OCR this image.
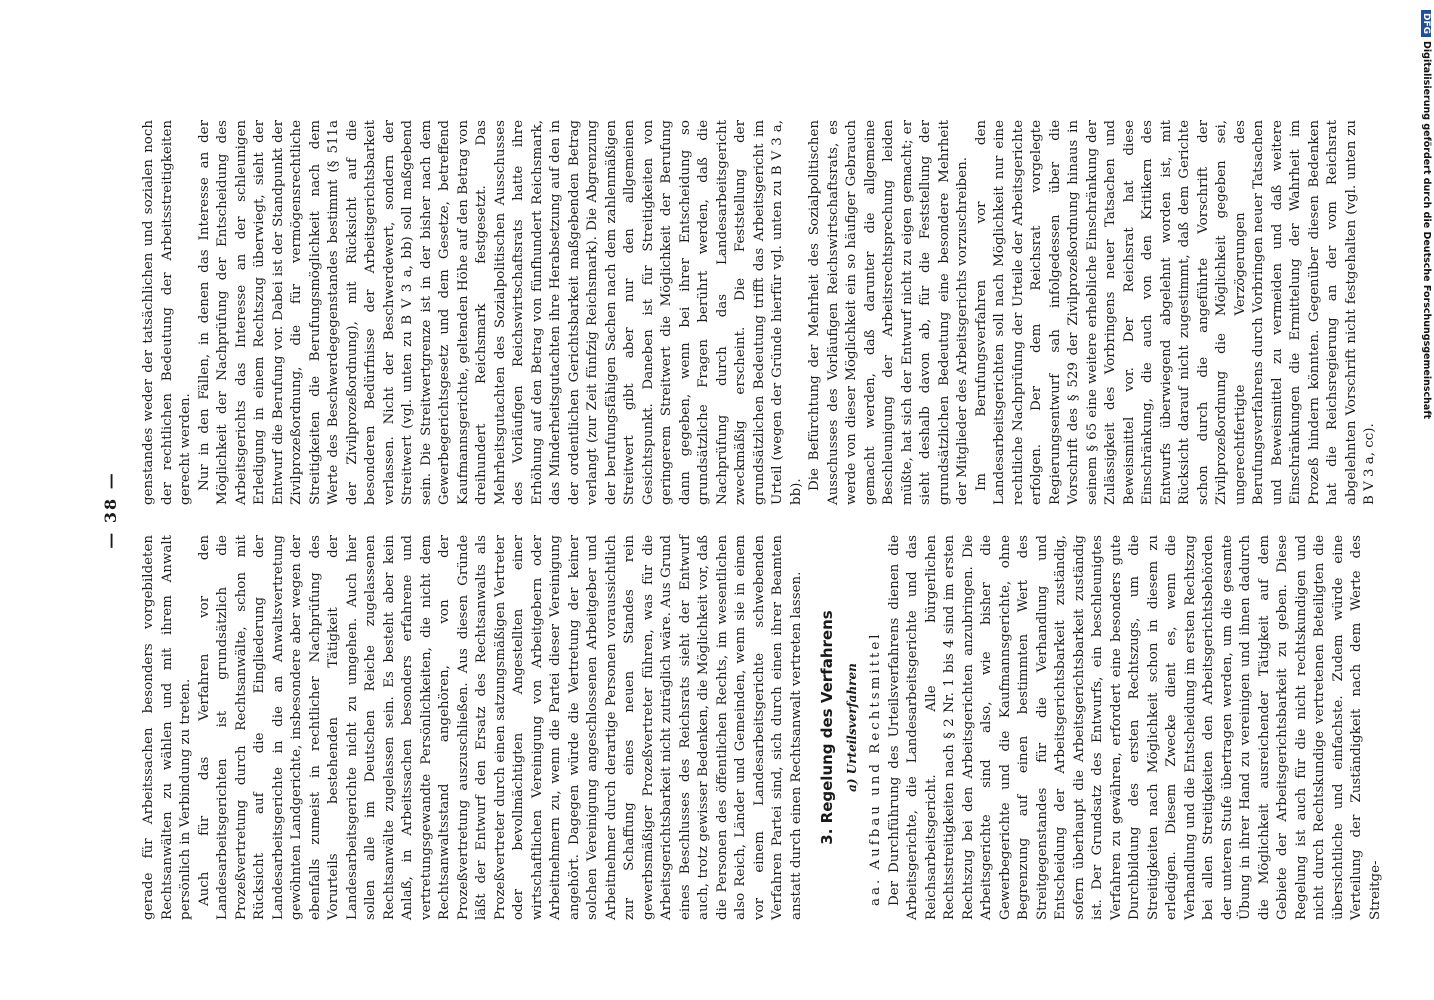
— 38 —

gerade für Arbeitssachen besonders vorgebildeten Rechtsanwälten zu wählen und mit ihrem Anwalt persönlich in Verbindung zu treten. Auch für das Verfahren vor den Landesarbeitsgerichten ist grundsätzlich die Prozeßvertretung durch Rechtsanwälte, schon mit Rücksicht auf die Eingliederung der Landesarbeitsgerichte in die an Anwaltsvertretung gewöhnten Landgerichte, insbesondere aber wegen der ebenfalls zumeist in rechtlicher Nachprüfung des Vorurteils bestehenden Tätigkeit der Landesarbeitsgerichte nicht zu umgehen. Auch hier sollen alle im Deutschen Reiche zugelassenen Rechtsanwälte zugelassen sein. Es besteht aber kein Anlaß, in Arbeitssachen besonders erfahrene und vertretungsgewandte Persönlichkeiten, die nicht dem Rechtsanwaltsstand angehören, von der Prozeßvertretung auszuschließen. Aus diesen Gründe läßt der Entwurf den Ersatz des Rechtsanwalts als Prozeßvertreter durch einen satzungsmäßigen Vertreter oder bevollmächtigten Angestellten einer wirtschaftlichen Vereinigung von Arbeitgebern oder Arbeitnehmern zu, wenn die Partei dieser Vereinigung angehört. Dagegen würde die Vertretung der keiner solchen Vereinigung angeschlossenen Arbeitgeber und Arbeitnehmer durch derartige Personen voraussichtlich zur Schaffung eines neuen Standes rein gewerbsmäßiger Prozeßvertreter führen, was für die Arbeitsgerichtsbarkeit nicht zuträglich wäre. Aus Grund eines Beschlusses des Reichsrats sieht der Entwurf auch, trotz gewisser Bedenken, die Möglichkeit vor, daß die Personen des öffentlichen Rechts, im wesentlichen also Reich, Länder und Gemeinden, wenn sie in einem vor einem Landesarbeitsgerichte schwebenden Verfahren Partei sind, sich durch einen ihrer Beamten anstatt durch einen Rechtsanwalt vertreten lassen. 3. Regelung des Verfahrens a) Urteilsverfahren aa. Aufbau und Rechtsmittel Der Durchführung des Urteilsverfahrens dienen die Arbeitsgerichte, die Landesarbeitsgerichte und das Reichsarbeitsgericht. Alle bürgerlichen Rechtsstreitigkeiten nach § 2 Nr. 1 bis 4 sind im ersten Rechtszug bei den Arbeitsgerichten anzubringen. Die Arbeitsgerichte sind also, wie bisher die Gewerbegerichte und die Kaufmannsgerichte, ohne Begrenzung auf einen bestimmten Wert des Streitgegenstandes für die Verhandlung und Entscheidung der Arbeitsgerichtsbarkeit zuständig, sofern überhaupt die Arbeitsgerichtsbarkeit zuständig ist. Der Grundsatz des Entwurfs, ein beschleunigtes Verfahren zu gewähren, erfordert eine besonders gute Durchbildung des ersten Rechtszugs, um die Streitigkeiten nach Möglichkeit schon in diesem zu erledigen. Diesem Zwecke dient es, wenn die Verhandlung und die Entscheidung im ersten Rechtszug bei allen Streitigkeiten den Arbeitsgerichtsbehörden der unteren Stufe übertragen werden, um die gesamte Übung in ihrer Hand zu vereinigen und ihnen dadurch die Möglichkeit ausreichender Tätigkeit auf dem Gebiete der Arbeitsgerichtsbarkeit zu geben. Diese Regelung ist auch für die nicht rechtskundigen und nicht durch Rechtskundige vertretenen Beteiligten die übersichtliche und einfachste. Zudem würde eine Verteilung der Zuständigkeit nach dem Werte des Streitge-

genstandes weder der tatsächlichen und sozialen noch der rechtlichen Bedeutung der Arbeitsstreitigkeiten gerecht werden. Nur in den Fällen, in denen das Interesse an der Möglichkeit der Nachprüfung der Entscheidung des Arbeitsgerichts das Interesse an der schleunigen Erledigung in einem Rechtszug überwiegt, sieht der Entwurf die Berufung vor. Dabei ist der Standpunkt der Zivilprozeßordnung, die für vermögensrechtliche Streitigkeiten die Berufungsmöglichkeit nach dem Werte des Beschwerdegegenstandes bestimmt (§ 511a der Zivilprozeßordnung), mit Rücksicht auf die besonderen Bedürfnisse der Arbeitsgerichtsbarkeit verlassen. Nicht der Beschwerdewert, sondern der Streitwert (vgl. unten zu B V 3 a, bb) soll maßgebend sein. Die Streitwertgrenze ist in der bisher nach dem Gewerbegerichtsgesetz und dem Gesetze, betreffend Kaufmannsgerichte, geltenden Höhe auf den Betrag von dreihundert Reichsmark festgesetzt. Das Mehrheitsgutachten des Sozialpolitischen Ausschusses des Vorläufigen Reichswirtschaftsrats hatte ihre Erhöhung auf den Betrag von fünfhundert Reichsmark, das Minderheitsgutachten ihre Herabsetzung auf den in der ordentlichen Gerichtsbarkeit maßgebenden Betrag verlangt (zur Zeit fünfzig Reichsmark). Die Abgrenzung der berufungsfähigen Sachen nach dem zahlenmäßigen Streitwert gibt aber nur den allgemeinen Gesichtspunkt. Daneben ist für Streitigkeiten von geringerem Streitwert die Möglichkeit der Berufung dann gegeben, wenn bei ihrer Entscheidung so grundsätzliche Fragen berührt werden, daß die Nachprüfung durch das Landesarbeitsgericht zweckmäßig erscheint. Die Feststellung der grundsätzlichen Bedeutung trifft das Arbeitsgericht im Urteil (wegen der Gründe hierfür vgl. unten zu B V 3 a, bb).

Die Befürchtung der Mehrheit des Sozialpolitischen Ausschusses des Vorläufigen Reichswirtschaftsrats, es werde von dieser Möglichkeit ein so häufiger Gebrauch gemacht werden, daß darunter die allgemeine Beschleunigung der Arbeitsrechtsprechung leiden müßte, hat sich der Entwurf nicht zu eigen gemacht; er sieht deshalb davon ab, für die Feststellung der grundsätzlichen Bedeutung eine besondere Mehrheit der Mitglieder des Arbeitsgerichts vorzuschreiben. Im Berufungsverfahren vor den Landesarbeitsgerichten soll nach Möglichkeit nur eine rechtliche Nachprüfung der Urteile der Arbeitsgerichte erfolgen. Der dem Reichsrat vorgelegte Regierungsentwurf sah infolgedessen über die Vorschrift des § 529 der Zivilprozeßordnung hinaus in seinem § 65 eine weitere erhebliche Einschränkung der Zulässigkeit des Vorbringens neuer Tatsachen und Beweismittel vor. Der Reichsrat hat diese Einschränkung, die auch von den Kritikern des Entwurfs überwiegend abgelehnt worden ist, mit Rücksicht darauf nicht zugestimmt, daß dem Gerichte schon durch die angeführte Vorschrift der Zivilprozeßordnung die Möglichkeit gegeben sei, ungerechtfertigte Verzögerungen des Berufungsverfahrens durch Vorbringen neuer Tatsachen und Beweismittel zu vermeiden und daß weitere Einschränkungen die Ermittelung der Wahrheit im Prozeß hindern könnten. Gegenüber diesen Bedenken hat die Reichsregierung an der vom Reichsrat abgelehnten Vorschrift nicht festgehalten (vgl. unten zu B V 3 a, cc).

DFGDigitalisierung gefördert durch die Deutsche Forschungsgemeinschaft
